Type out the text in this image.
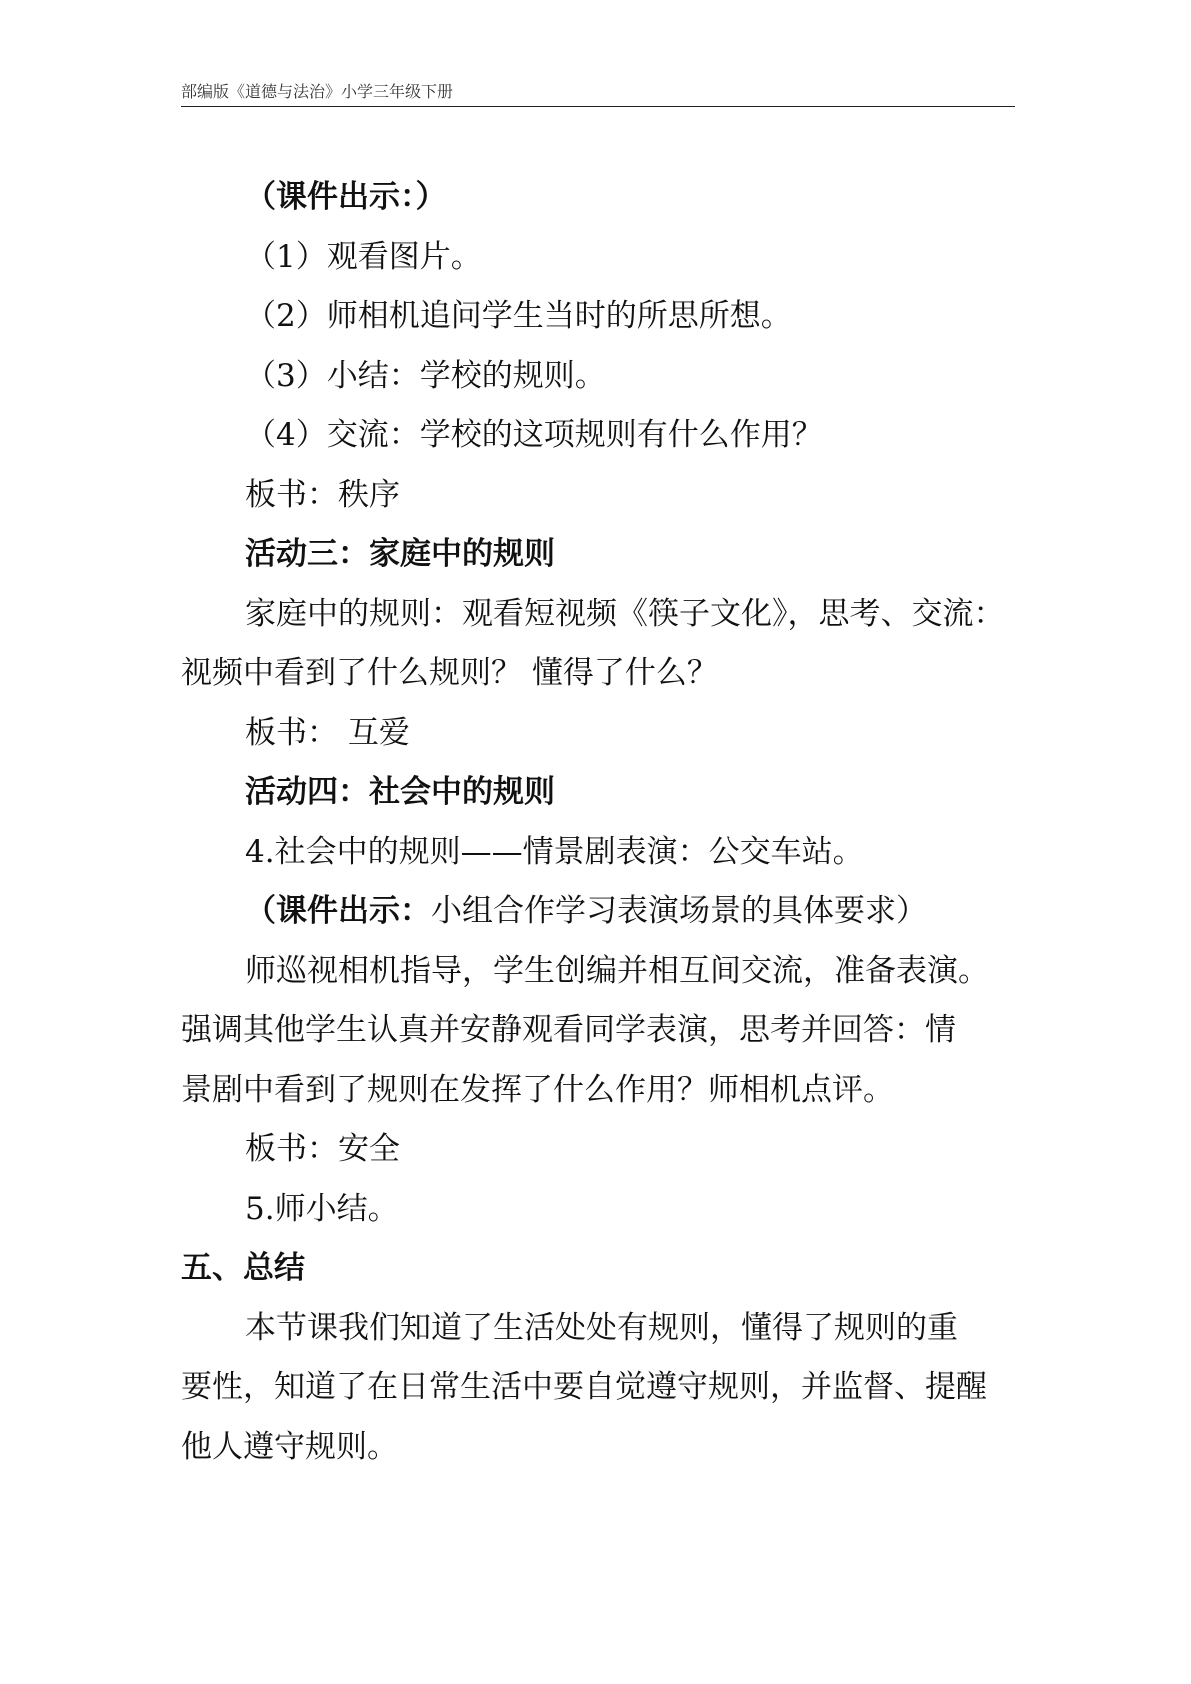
部编版《道德与法治》小学三年级下册

（课件出示：）

（1）观看图片。

（2）师相机追问学生当时的所思所想。

（3）小结：学校的规则。

（4）交流：学校的这项规则有什么作用？

板书：秩序

活动三：家庭中的规则

家庭中的规则：观看短视频《筷子文化》，思考、交流：

视频中看到了什么规则？ 懂得了什么？

板书： 互爱

活动四：社会中的规则

4.社会中的规则——情景剧表演：公交车站。

（课件出示：小组合作学习表演场景的具体要求）

师巡视相机指导，学生创编并相互间交流，准备表演。

强调其他学生认真并安静观看同学表演，思考并回答：情

景剧中看到了规则在发挥了什么作用？师相机点评。

板书：安全

5.师小结。

五、总结

本节课我们知道了生活处处有规则，懂得了规则的重

要性，知道了在日常生活中要自觉遵守规则，并监督、提醒

他人遵守规则。
